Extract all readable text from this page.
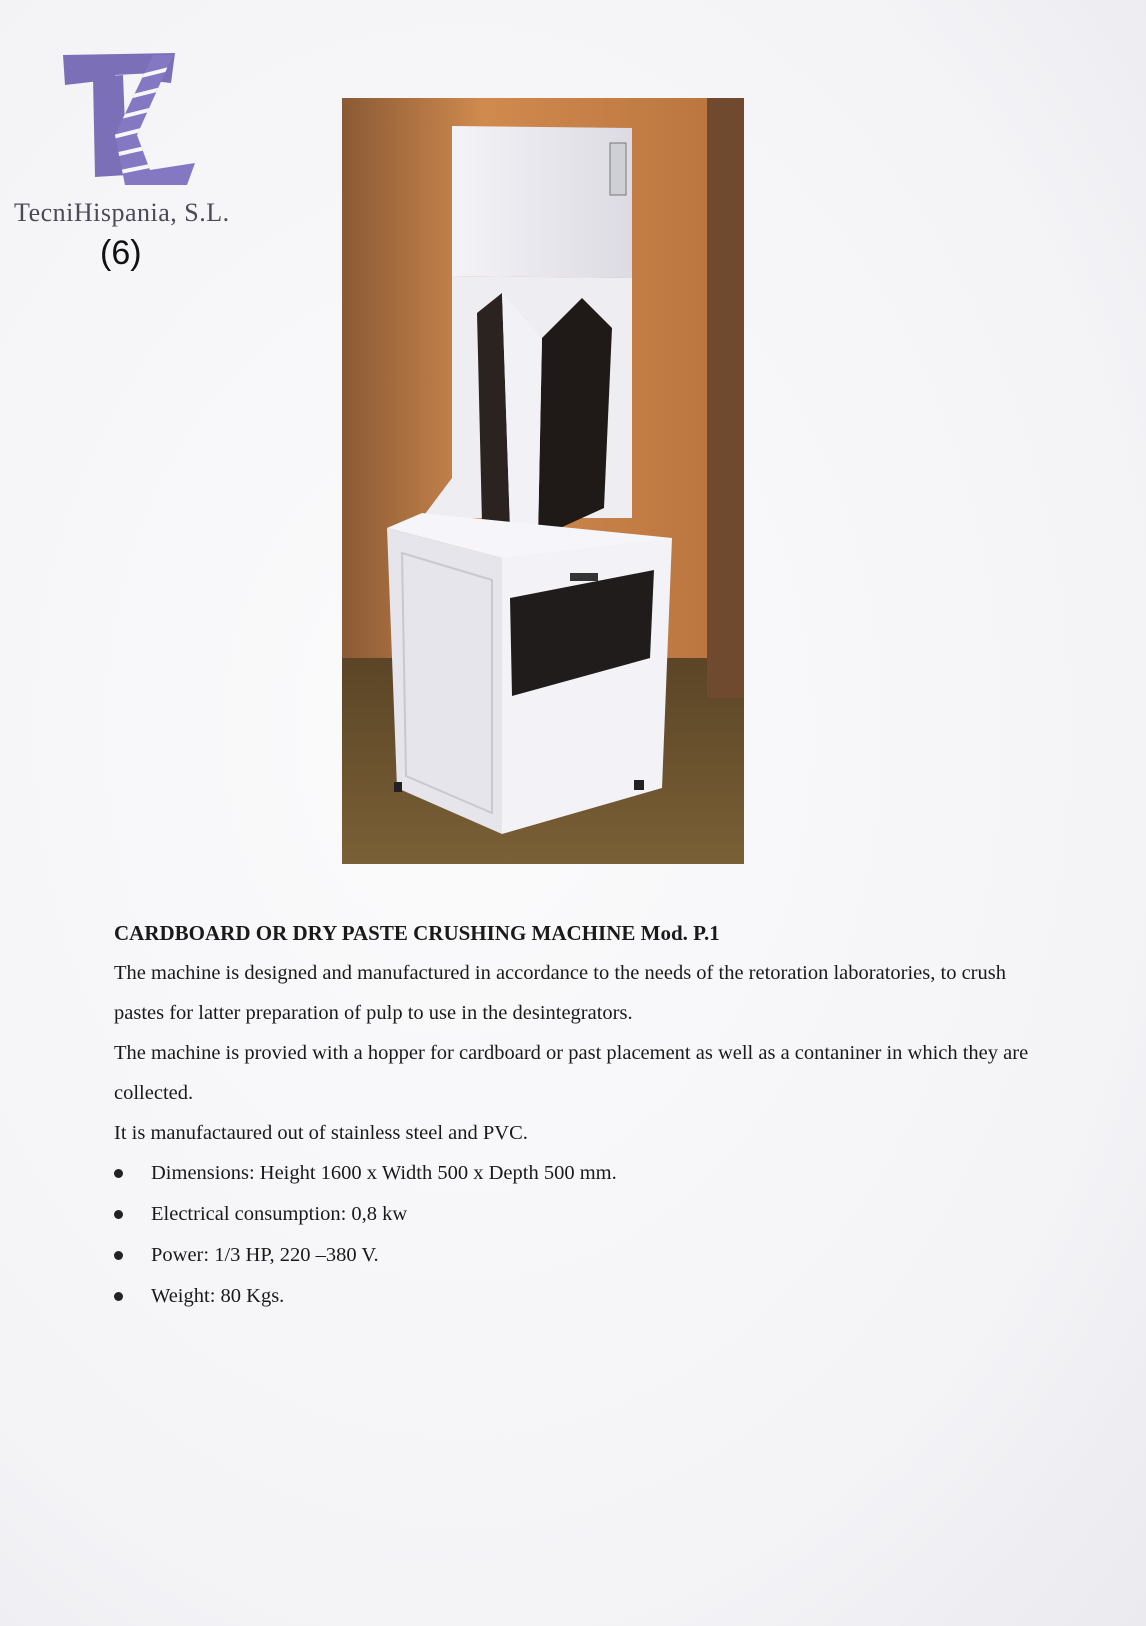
TecniHispania, S.L.
(6)
CARDBOARD OR DRY PASTE CRUSHING MACHINE Mod. P.1

The machine is designed and manufactured in accordance to the needs of the retoration laboratories, to crush pastes for latter preparation of pulp to use in the desintegrators.

The machine is provied with a hopper for cardboard or past placement as well as a contaniner in which they are collected.

It is manufactaured out of stainless steel and PVC.

Dimensions: Height 1600 x Width 500 x Depth 500 mm.
Electrical consumption: 0,8 kw
Power: 1/3 HP, 220 –380 V.
Weight: 80 Kgs.
